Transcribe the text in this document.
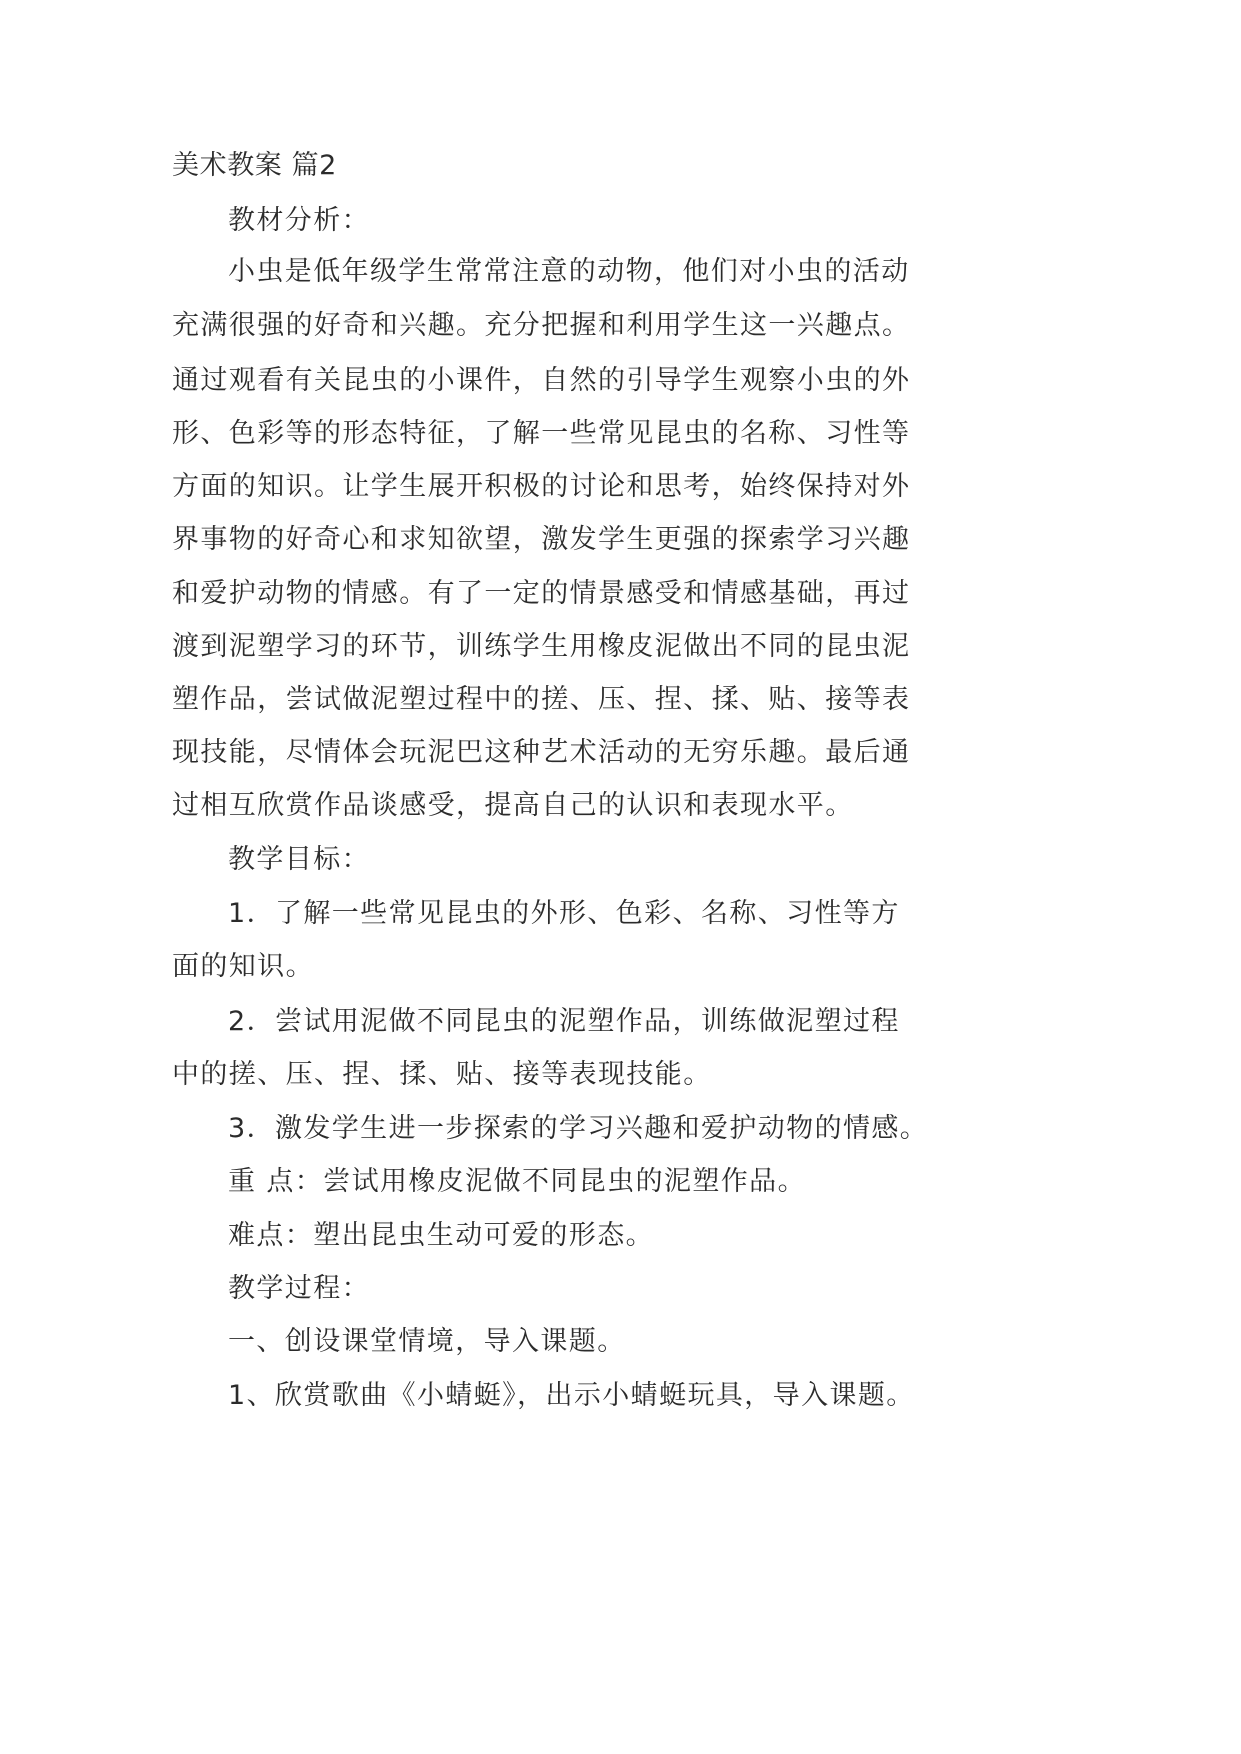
美术教案 篇2
教材分析：
小虫是低年级学生常常注意的动物，他们对小虫的活动
充满很强的好奇和兴趣。充分把握和利用学生这一兴趣点。
通过观看有关昆虫的小课件，自然的引导学生观察小虫的外
形、色彩等的形态特征，了解一些常见昆虫的名称、习性等
方面的知识。让学生展开积极的讨论和思考，始终保持对外
界事物的好奇心和求知欲望，激发学生更强的探索学习兴趣
和爱护动物的情感。有了一定的情景感受和情感基础，再过
渡到泥塑学习的环节，训练学生用橡皮泥做出不同的昆虫泥
塑作品，尝试做泥塑过程中的搓、压、捏、揉、贴、接等表
现技能，尽情体会玩泥巴这种艺术活动的无穷乐趣。最后通
过相互欣赏作品谈感受，提高自己的认识和表现水平。
教学目标：
1．了解一些常见昆虫的外形、色彩、名称、习性等方
面的知识。
2．尝试用泥做不同昆虫的泥塑作品，训练做泥塑过程
中的搓、压、捏、揉、贴、接等表现技能。
3．激发学生进一步探索的学习兴趣和爱护动物的情感。
重 点：尝试用橡皮泥做不同昆虫的泥塑作品。
难点：塑出昆虫生动可爱的形态。
教学过程：
一、创设课堂情境，导入课题。
1、欣赏歌曲《小蜻蜓》，出示小蜻蜓玩具，导入课题。
